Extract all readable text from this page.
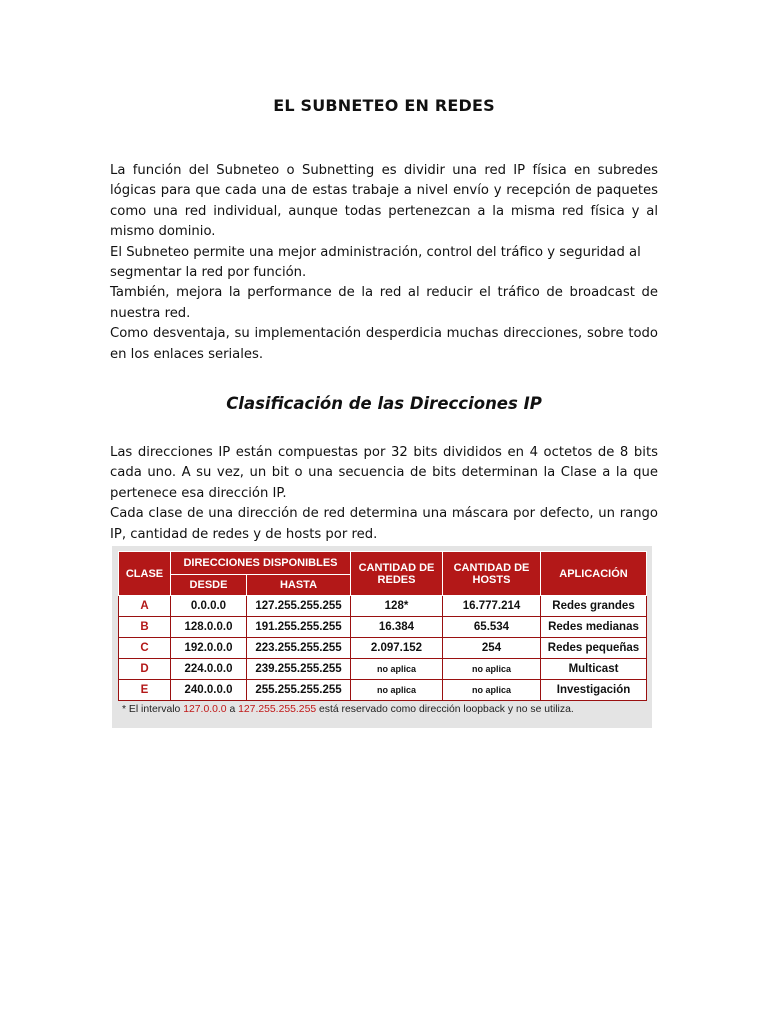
EL SUBNETEO EN REDES

La función del Subneteo o Subnetting es dividir una red IP física en subredes lógicas para que cada una de estas trabaje a nivel envío y recepción de paquetes como una red individual, aunque todas pertenezcan a la misma red física y al mismo dominio.

El Subneteo permite una mejor administración, control del tráfico y seguridad al segmentar la red por función.

También, mejora la performance de la red al reducir el tráfico de broadcast de nuestra red.

Como desventaja, su implementación desperdicia muchas direcciones, sobre todo en los enlaces seriales.

Clasificación de las Direcciones IP

Las direcciones IP están compuestas por 32 bits divididos en 4 octetos de 8 bits cada uno. A su vez, un bit o una secuencia de bits determinan la Clase a la que pertenece esa dirección IP.

Cada clase de una dirección de red determina una máscara por defecto, un rango IP, cantidad de redes y de hosts por red.

CLASE	DIRECCIONES DISPONIBLES		CANTIDAD DE REDES	CANTIDAD DE HOSTS	APLICACIÓN
	DESDE	HASTA			
A	0.0.0.0	127.255.255.255	128*	16.777.214	Redes grandes
B	128.0.0.0	191.255.255.255	16.384	65.534	Redes medianas
C	192.0.0.0	223.255.255.255	2.097.152	254	Redes pequeñas
D	224.0.0.0	239.255.255.255	no aplica	no aplica	Multicast
E	240.0.0.0	255.255.255.255	no aplica	no aplica	Investigación
* El intervalo 127.0.0.0 a 127.255.255.255 está reservado como dirección loopback y no se utiliza.
